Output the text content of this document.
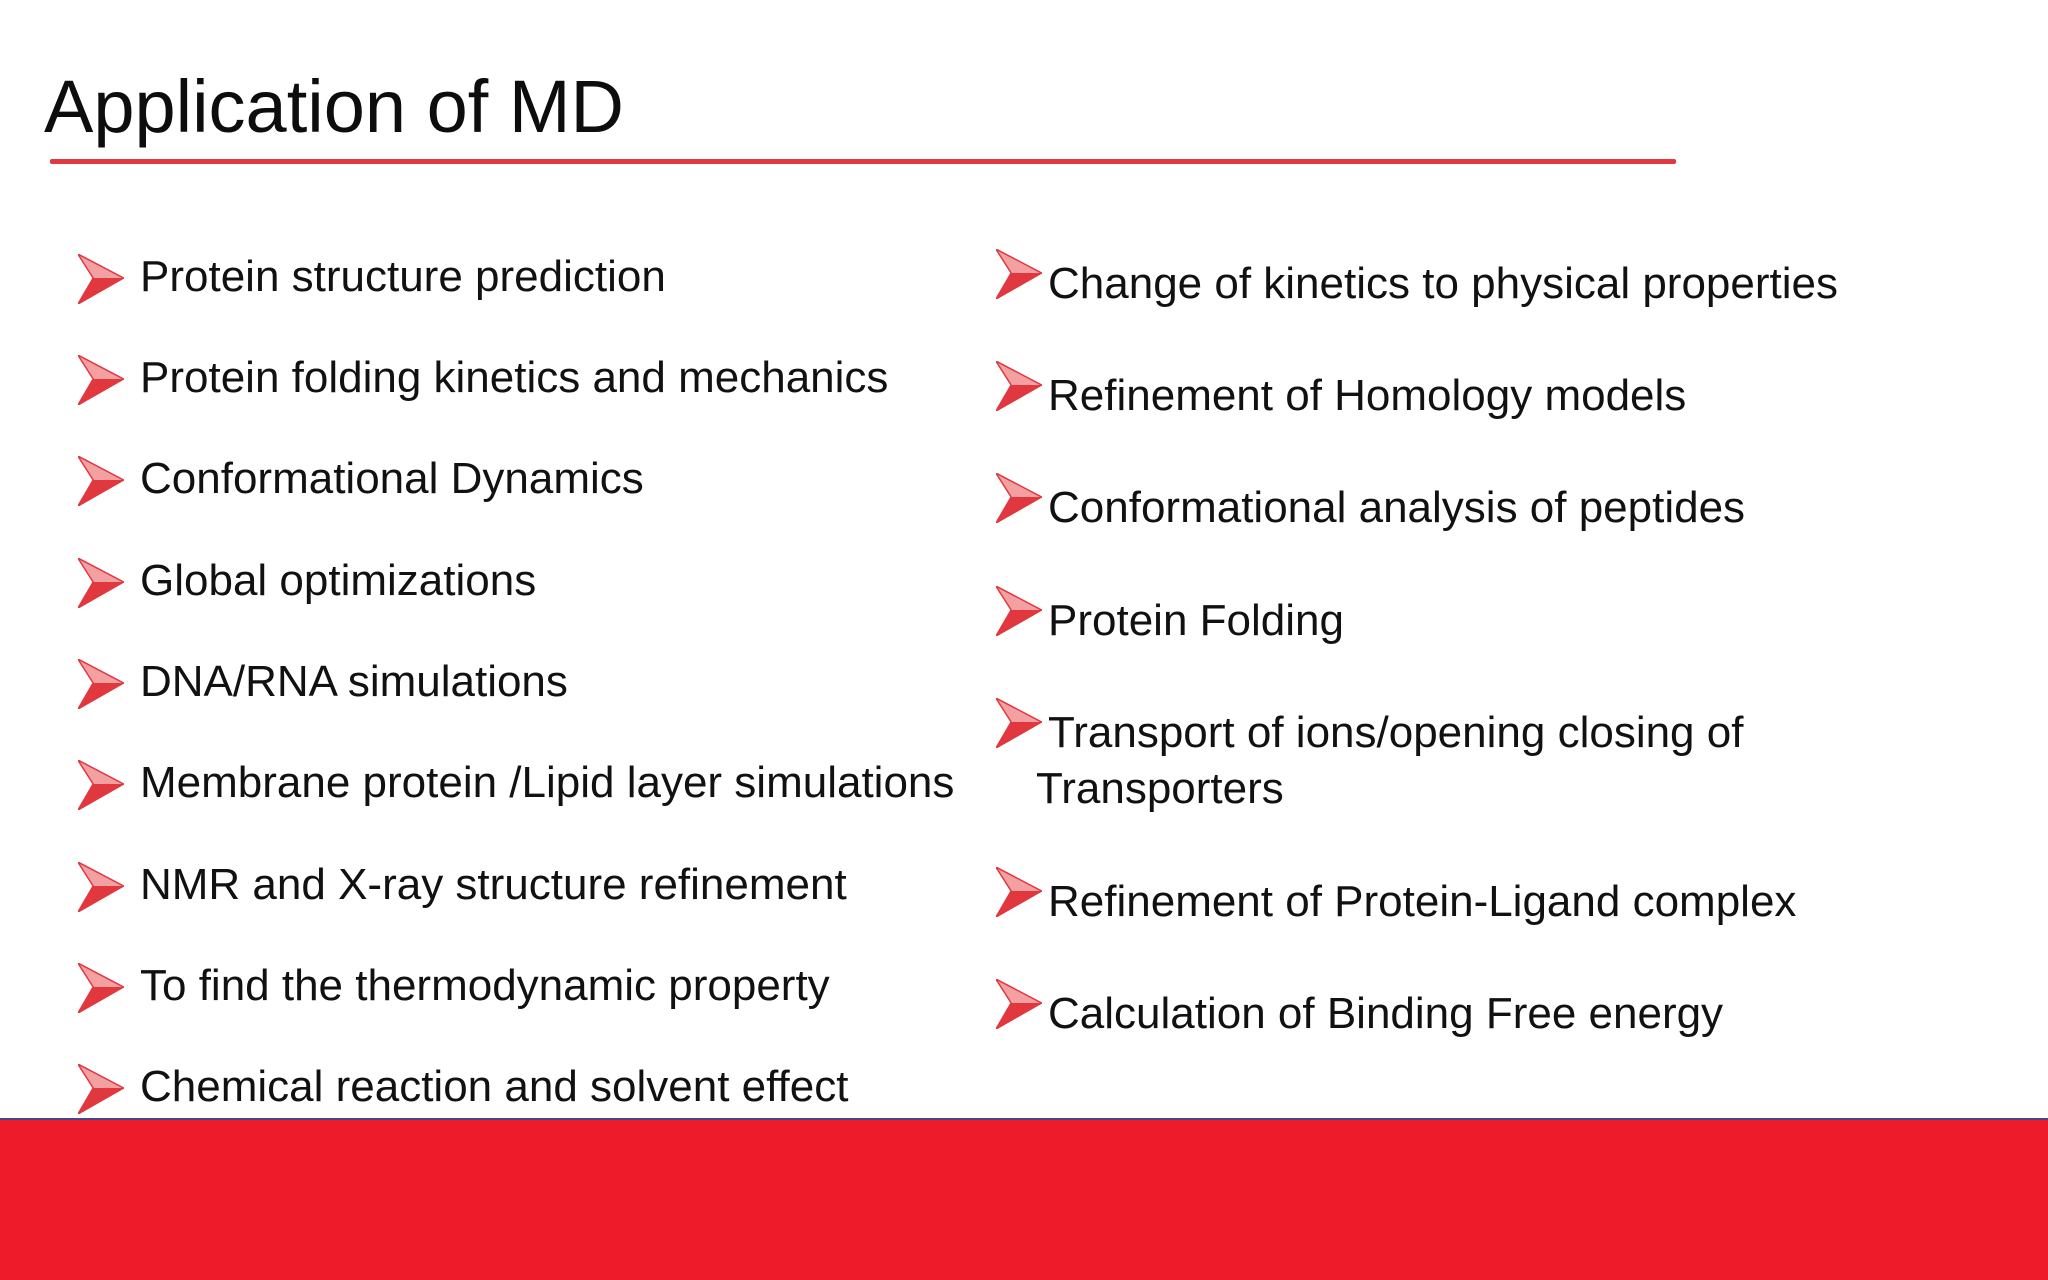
Application of MD
Protein structure prediction
Protein folding kinetics and mechanics
Conformational Dynamics
Global optimizations
DNA/RNA simulations
Membrane protein /Lipid layer simulations
NMR and X-ray structure refinement
To find the thermodynamic property
Chemical reaction and solvent effect
Change of kinetics to physical properties
Refinement of Homology models
Conformational analysis of peptides
Protein Folding
Transport of ions/opening closing of
Transporters
Refinement of Protein-Ligand complex
Calculation of Binding Free energy
